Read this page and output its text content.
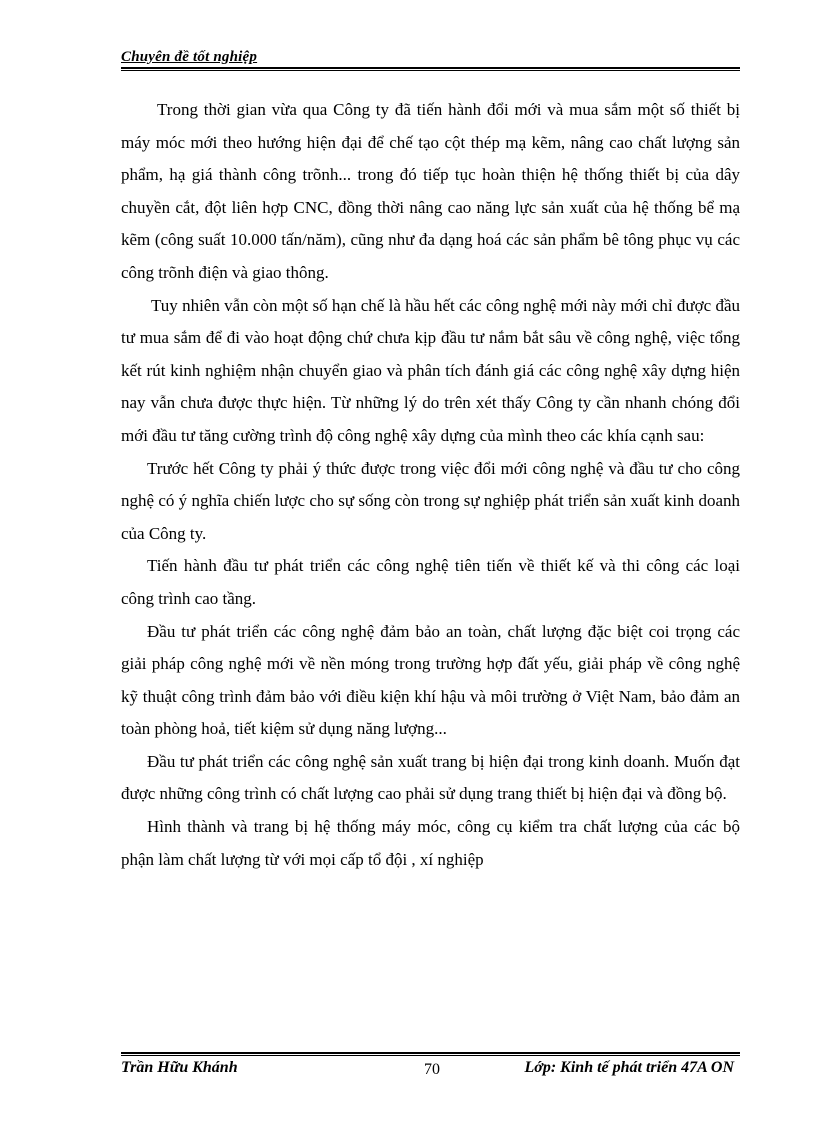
Chuyên đề tốt nghiệp

Trong thời gian vừa qua Công ty đã tiến hành đổi mới và mua sắm một số thiết bị máy móc mới theo hướng hiện đại để chế tạo cột thép mạ kẽm, nâng cao chất lượng sản phẩm, hạ giá thành công trõnh... trong đó tiếp tục hoàn thiện hệ thống thiết bị của dây chuyền cắt, đột liên hợp CNC, đồng thời nâng cao năng lực sản xuất của hệ thống bể mạ kẽm (công suất 10.000 tấn/năm), cũng như đa dạng hoá các sản phẩm bê tông phục vụ các công trõnh điện và giao thông.

Tuy nhiên vẫn còn một số hạn chế là hầu hết các công nghệ mới này mới chỉ được đầu tư mua sắm để đi vào hoạt động chứ chưa kịp đầu tư nắm bắt sâu về công nghệ, việc tổng kết rút kinh nghiệm nhận chuyển giao và phân tích đánh giá các công nghệ xây dựng hiện nay vẫn chưa được thực hiện. Từ những lý do trên xét thấy Công ty cần nhanh chóng đổi mới đầu tư tăng cường trình độ công nghệ xây dựng của mình theo các khía cạnh sau:

Trước hết Công ty phải ý thức được trong việc đổi mới công nghệ và đầu tư cho công nghệ có ý nghĩa chiến lược cho sự sống còn trong sự nghiệp phát triển sản xuất kinh doanh của Công ty.

Tiến hành đầu tư phát triển các công nghệ tiên tiến về thiết kế và thi công các loại công trình cao tầng.

Đầu tư phát triển các công nghệ đảm bảo an toàn, chất lượng đặc biệt coi trọng các giải pháp công nghệ mới về nền móng trong trường hợp đất yếu, giải pháp về công nghệ kỹ thuật công trình đảm bảo với điều kiện khí hậu và môi trường ở Việt Nam, bảo đảm an toàn phòng hoả, tiết kiệm sử dụng năng lượng...

Đầu tư phát triển các công nghệ sản xuất trang bị hiện đại trong kinh doanh. Muốn đạt được những công trình có chất lượng cao phải sử dụng trang thiết bị hiện đại và đồng bộ.

Hình thành và trang bị hệ thống máy móc, công cụ kiểm tra chất lượng của các bộ phận làm chất lượng từ với mọi cấp tổ đội , xí nghiệp

Trần Hữu Khánh	70	Lớp: Kinh tế phát triển 47A ON
